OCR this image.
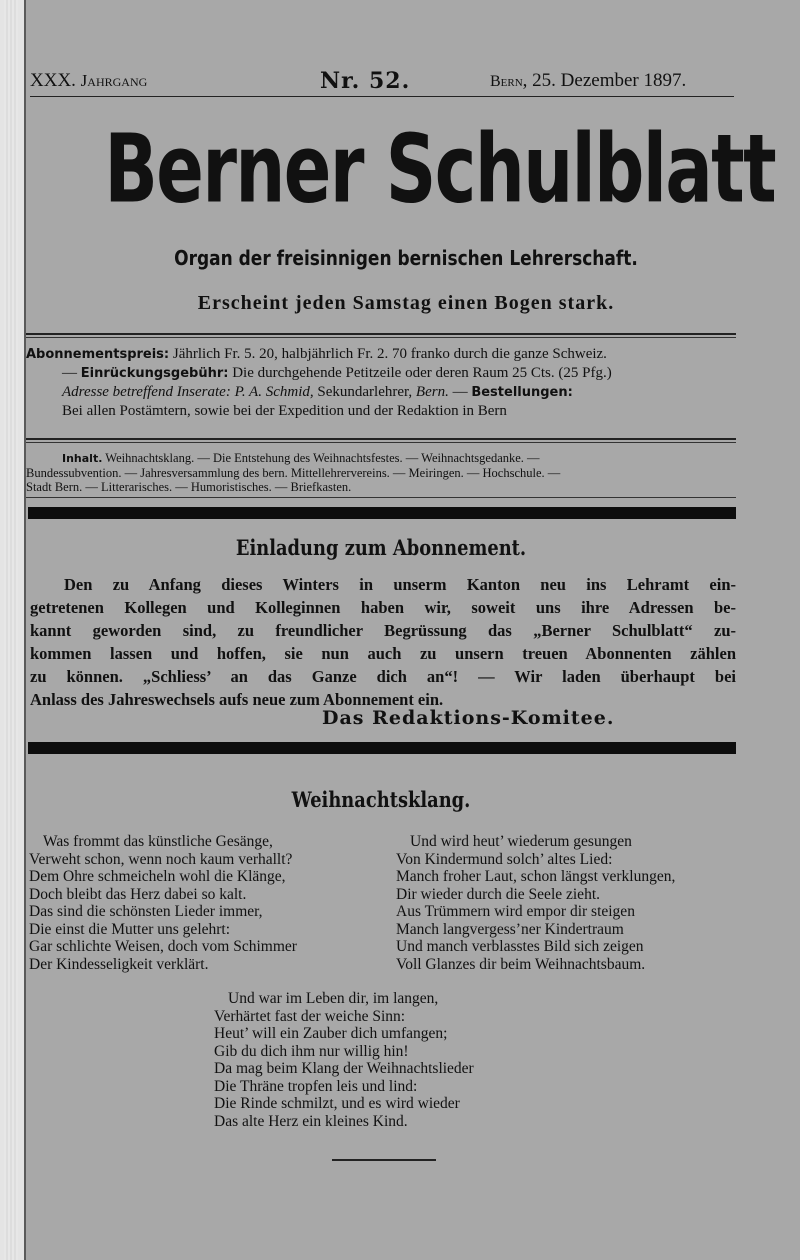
XXX. Jahrgang	Nr. 52.	Bern, 25. Dezember 1897.
Berner Schulblatt
Organ der freisinnigen bernischen Lehrerschaft.
Erscheint jeden Samstag einen Bogen stark.
Abonnementspreis: Jährlich Fr. 5. 20, halbjährlich Fr. 2. 70 franko durch die ganze Schweiz.
— Einrückungsgebühr: Die durchgehende Petitzeile oder deren Raum 25 Cts. (25 Pfg.)
Adresse betreffend Inserate: P. A. Schmid, Sekundarlehrer, Bern. — Bestellungen:
Bei allen Postämtern, sowie bei der Expedition und der Redaktion in Bern
Inhalt. Weihnachtsklang. — Die Entstehung des Weihnachtsfestes. — Weihnachtsgedanke. —
Bundessubvention. — Jahresversammlung des bern. Mittellehrervereins. — Meiringen. — Hochschule. —
Stadt Bern. — Litterarisches. — Humoristisches. — Briefkasten.
Einladung zum Abonnement.
Den zu Anfang dieses Winters in unserm Kanton neu ins Lehramt ein-
getretenen Kollegen und Kolleginnen haben wir, soweit uns ihre Adressen be-
kannt geworden sind, zu freundlicher Begrüssung das „Berner Schulblatt“ zu-
kommen lassen und hoffen, sie nun auch zu unsern treuen Abonnenten zählen
zu können. „Schliess’ an das Ganze dich an“! — Wir laden überhaupt bei
Anlass des Jahreswechsels aufs neue zum Abonnement ein.
Das Redaktions-Komitee.
Weihnachtsklang.
Was frommt das künstliche Gesänge,
Verweht schon, wenn noch kaum verhallt?
Dem Ohre schmeicheln wohl die Klänge,
Doch bleibt das Herz dabei so kalt.
Das sind die schönsten Lieder immer,
Die einst die Mutter uns gelehrt:
Gar schlichte Weisen, doch vom Schimmer
Der Kindesseligkeit verklärt.
Und wird heut’ wiederum gesungen
Von Kindermund solch’ altes Lied:
Manch froher Laut, schon längst verklungen,
Dir wieder durch die Seele zieht.
Aus Trümmern wird empor dir steigen
Manch langvergess’ner Kindertraum
Und manch verblasstes Bild sich zeigen
Voll Glanzes dir beim Weihnachtsbaum.
Und war im Leben dir, im langen,
Verhärtet fast der weiche Sinn:
Heut’ will ein Zauber dich umfangen;
Gib du dich ihm nur willig hin!
Da mag beim Klang der Weihnachtslieder
Die Thräne tropfen leis und lind:
Die Rinde schmilzt, und es wird wieder
Das alte Herz ein kleines Kind.
